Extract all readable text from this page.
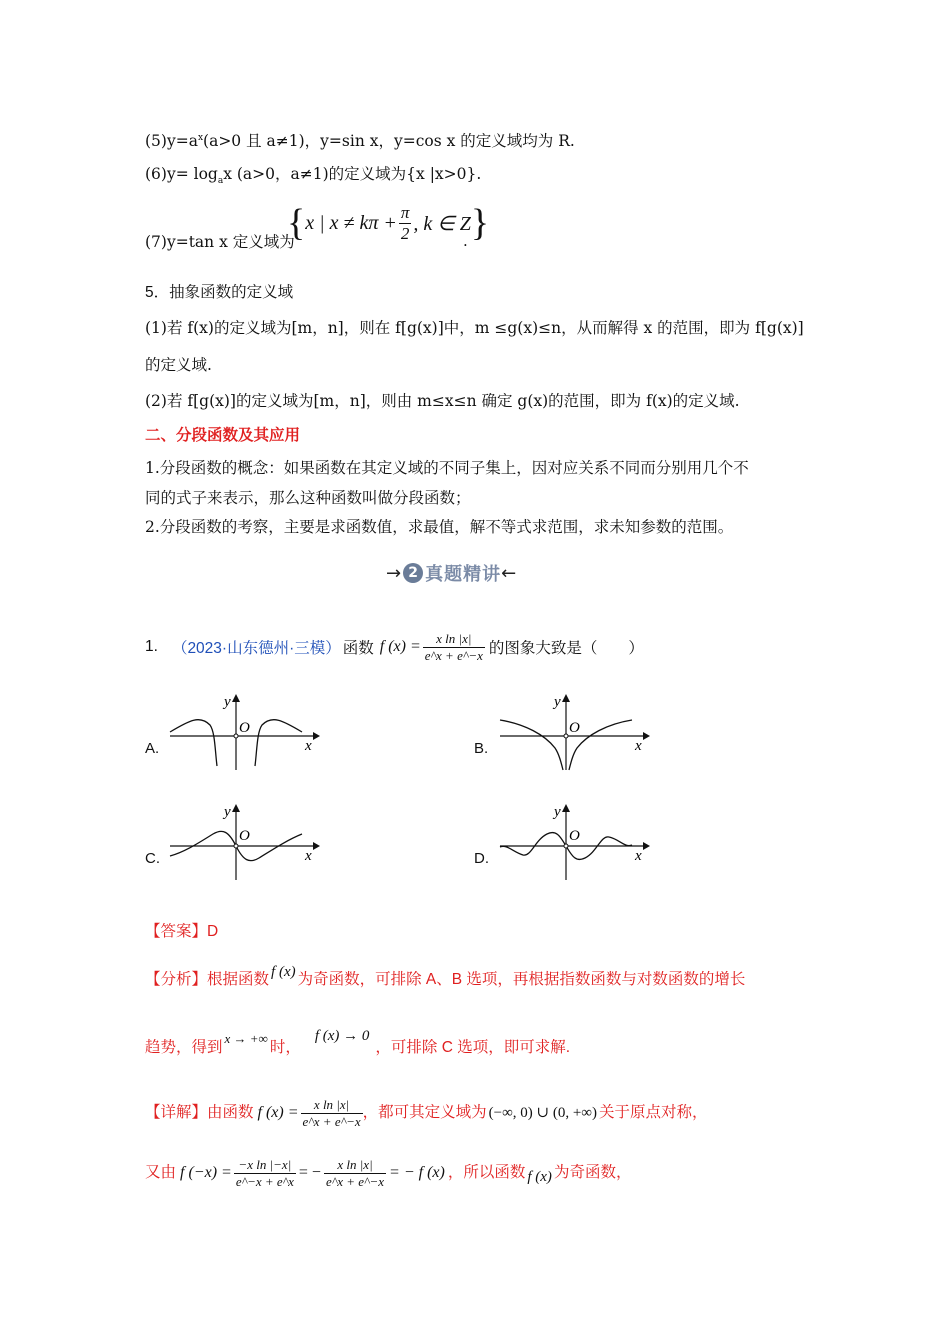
$(5)y=a^x(a>0$ 且 a≠1)，y=sin x，y=cos x 的定义域均为 R.
$(6)y= \log_ax$ (a>0，a≠1)的定义域为{x |x>0}.
(7)y=tan x 定义域为
{ x | $x \ne k\pi + \frac{\pi}{2}$ , k ∈ Z }
.
5．抽象函数的定义域
(1)若 f(x)的定义域为[m，n]，则在 f[g(x)]中，m ≤g(x)≤n，从而解得 x 的范围，即为 f[g(x)]
的定义域.
(2)若 f[g(x)]的定义域为[m，n]，则由 m≤x≤n 确定 g(x)的范围，即为 f(x)的定义域.
二、分段函数及其应用
1.分段函数的概念：如果函数在其定义域的不同子集上，因对应关系不同而分别用几个不
同的式子来表示，那么这种函数叫做分段函数；
2.分段函数的考察，主要是求函数值，求最值，解不等式求范围，求未知参数的范围。
→ 2 真题精讲 ←
1. （2023·山东德州·三模） 函数 f $(x) = \frac{\text{x ln |x|}}{e\^{}x + e\^{}-x}$ 的图象大致是（　　）
A.	B.
C.	D.
O
y
x
O
y
x
O
y
x
O
y
x
【答案】D
【分析】 根据函数 f (x) 为奇函数，可排除 A、B 选项，再根据指数函数与对数函数的增长
趋势，得到
x → +∞
时，
f (x) → 0
，可排除 C 选项，即可求解.
【详解】 由函数 f $(x) = \frac{\text{x ln |x|}}{e\^{}x + e\^{}-x}$ ，都可其定义域为 (−∞, 0) ∪ (0, +∞) 关于原点对称，
又由 f $(-x) = \frac{\text{−x ln |−x|}}{e\^{}-x + e\^{}x}$ = − $\frac{\text{x ln |x|}}{e\^{}x + e\^{}-x}$ = − f (x) ，所以函数 f (x) 为奇函数，
